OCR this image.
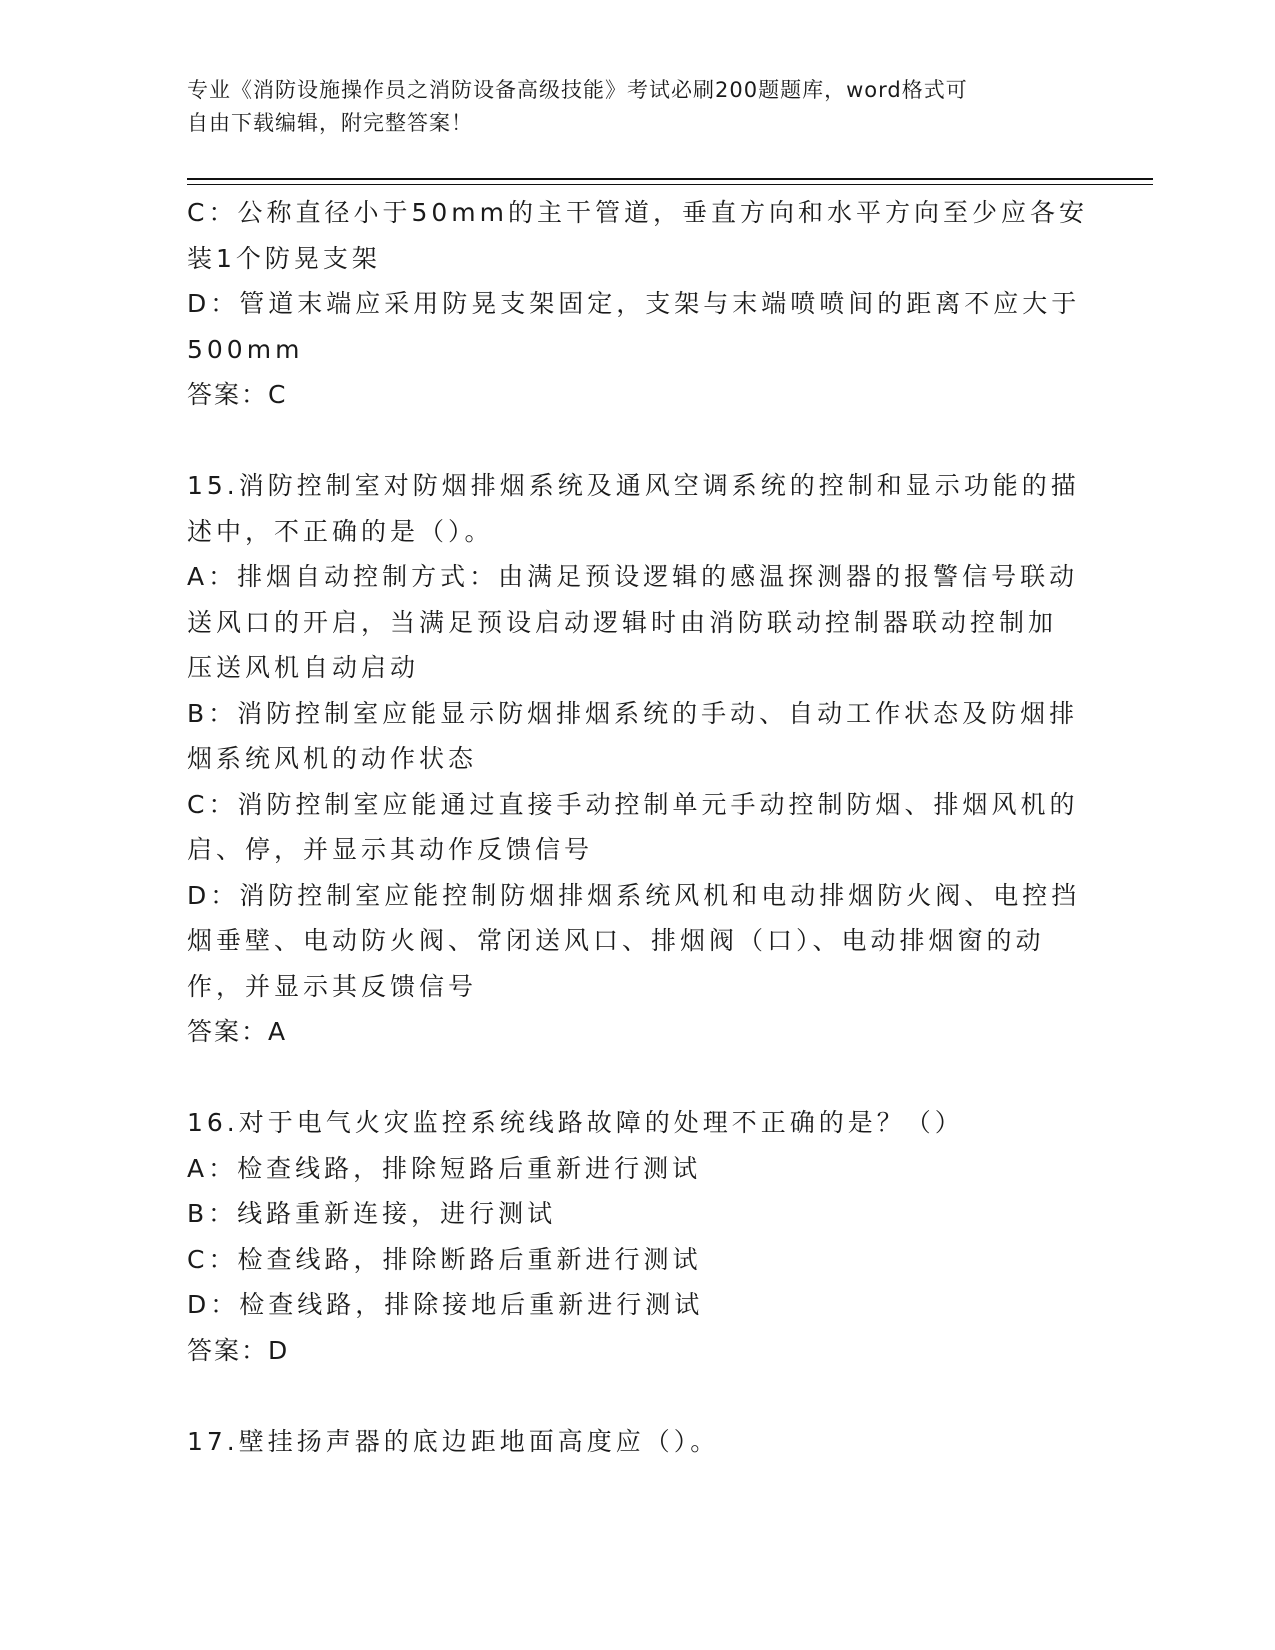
专业《消防设施操作员之消防设备高级技能》考试必刷200题题库，word格式可
自由下载编辑，附完整答案！
C：公称直径小于50mm的主干管道，垂直方向和水平方向至少应各安
装1个防晃支架
D：管道末端应采用防晃支架固定，支架与末端喷喷间的距离不应大于
500mm
答案：C
15.消防控制室对防烟排烟系统及通风空调系统的控制和显示功能的描
述中，不正确的是（）。
A：排烟自动控制方式：由满足预设逻辑的感温探测器的报警信号联动
送风口的开启，当满足预设启动逻辑时由消防联动控制器联动控制加
压送风机自动启动
B：消防控制室应能显示防烟排烟系统的手动、自动工作状态及防烟排
烟系统风机的动作状态
C：消防控制室应能通过直接手动控制单元手动控制防烟、排烟风机的
启、停，并显示其动作反馈信号
D：消防控制室应能控制防烟排烟系统风机和电动排烟防火阀、电控挡
烟垂壁、电动防火阀、常闭送风口、排烟阀（口）、电动排烟窗的动
作，并显示其反馈信号
答案：A
16.对于电气火灾监控系统线路故障的处理不正确的是？（）
A：检查线路，排除短路后重新进行测试
B：线路重新连接，进行测试
C：检查线路，排除断路后重新进行测试
D：检查线路，排除接地后重新进行测试
答案：D
17.壁挂扬声器的底边距地面高度应（）。
